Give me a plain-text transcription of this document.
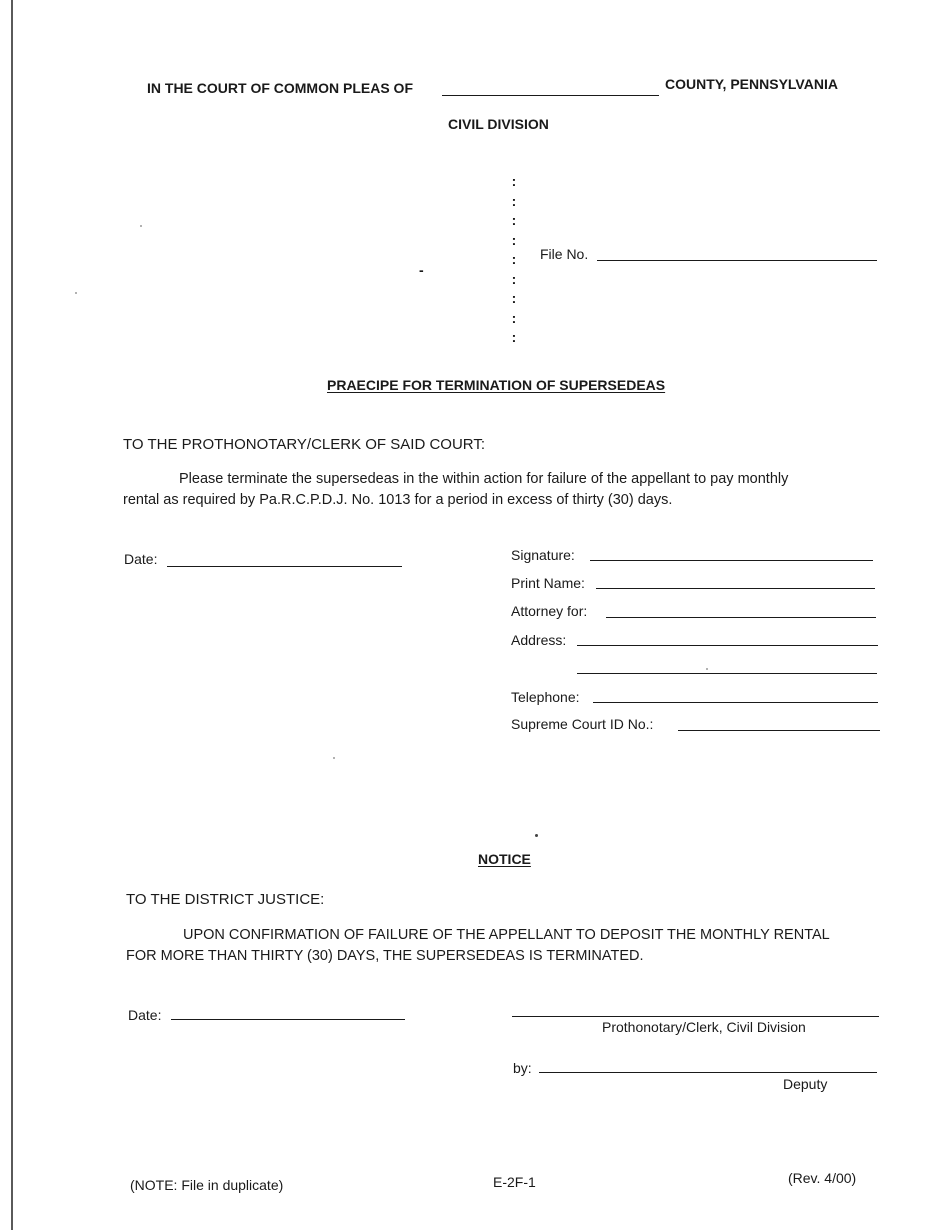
IN THE COURT OF COMMON PLEAS OF	COUNTY, PENNSYLVANIA
CIVIL DIVISION
:
:
:
:
:
:
:
:
:
-
File No.
PRAECIPE FOR TERMINATION OF SUPERSEDEAS
TO THE PROTHONOTARY/CLERK OF SAID COURT:
Please terminate the supersedeas in the within action for failure of the appellant to pay monthly
rental as required by Pa.R.C.P.D.J. No. 1013 for a period in excess of thirty (30) days.
Date:	Signature:
Print Name:
Attorney for:
Address:
Telephone:
Supreme Court ID No.:
NOTICE
TO THE DISTRICT JUSTICE:
UPON CONFIRMATION OF FAILURE OF THE APPELLANT TO DEPOSIT THE MONTHLY RENTAL
FOR MORE THAN THIRTY (30) DAYS, THE SUPERSEDEAS IS TERMINATED.
Date:
Prothonotary/Clerk, Civil Division
by:
Deputy
(NOTE: File in duplicate)	E-2F-1	(Rev. 4/00)
